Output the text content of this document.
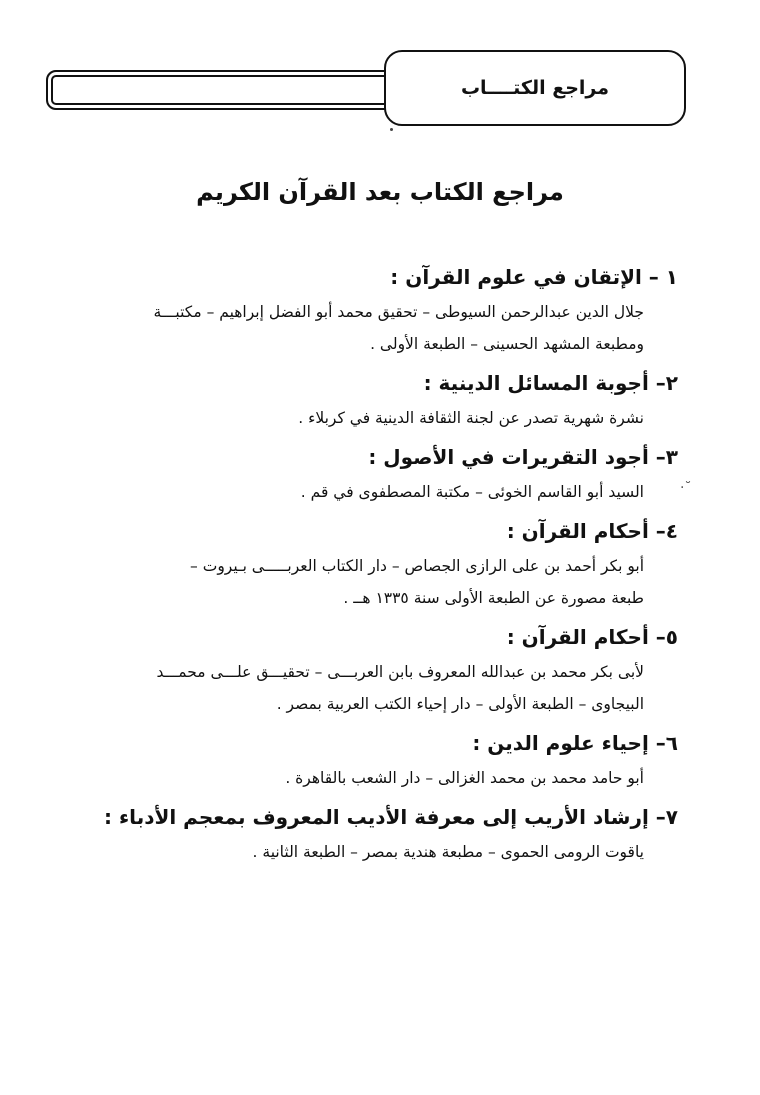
مراجع الكتــــاب
·˘
مراجع الكتاب بعد القرآن الكريم

١ – الإتقان في علوم القرآن :

جلال الدين عبدالرحمن السيوطى – تحقيق محمد أبو الفضل إبراهيم – مكتبـــة
ومطبعة المشهد الحسينى – الطبعة الأولى .

٢– أجوبة المسائل الدينية :

نشرة شهرية تصدر عن لجنة الثقافة الدينية في كربلاء .

٣– أجود التقريرات في الأصول :

السيد أبو القاسم الخوئى – مكتبة المصطفوى في قم .

٤– أحكام القرآن :

أبو بكر أحمد بن على الرازى الجصاص – دار الكتاب العربـــــى بـيروت –
طبعة مصورة عن الطبعة الأولى سنة ١٣٣٥ هــ .

٥– أحكام القرآن :

لأبى بكر محمد بن عبدالله المعروف بابن العربـــى – تحقيـــق علـــى محمـــد
البيجاوى – الطبعة الأولى – دار إحياء الكتب العربية بمصر .

٦– إحياء علوم الدين :

أبو حامد محمد بن محمد الغزالى – دار الشعب بالقاهرة .

٧– إرشاد الأريب إلى معرفة الأديب المعروف بمعجم الأدباء :

ياقوت الرومى الحموى – مطبعة هندية بمصر – الطبعة الثانية .
